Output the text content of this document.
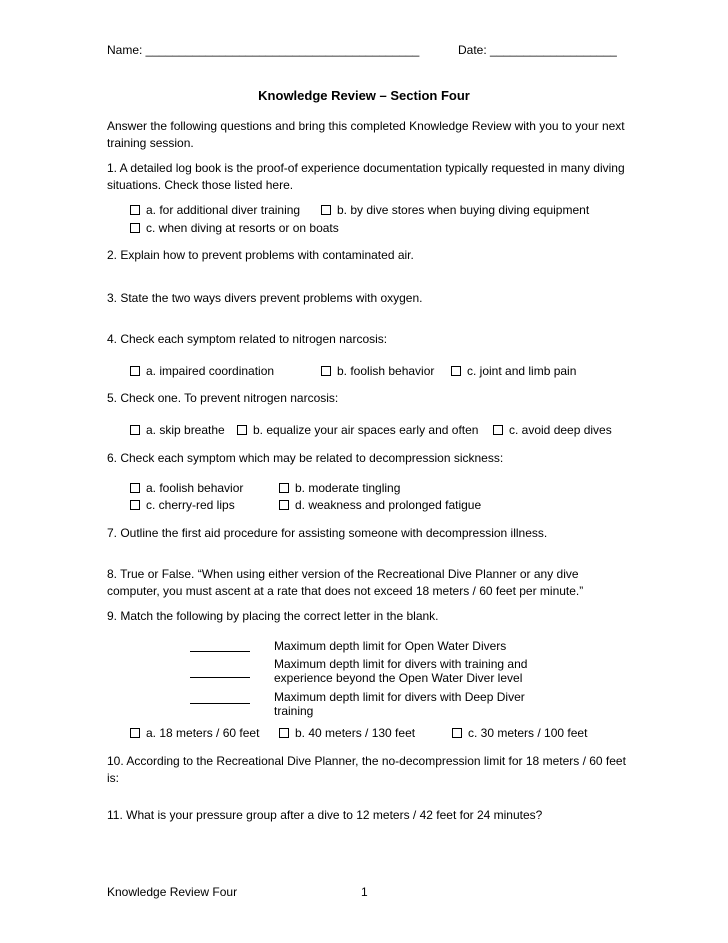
Name: _________________________________________	Date: ___________________
Knowledge Review – Section Four
Answer the following questions and bring this completed Knowledge Review with you to your next training session.
1. A detailed log book is the proof-of experience documentation typically requested in many diving situations. Check those listed here.
a. for additional diver training	b. by dive stores when buying diving equipment
c. when diving at resorts or on boats
2. Explain how to prevent problems with contaminated air.
3. State the two ways divers prevent problems with oxygen.
4. Check each symptom related to nitrogen narcosis:
a. impaired coordination	b. foolish behavior	c. joint and limb pain
5. Check one. To prevent nitrogen narcosis:
a. skip breathe	b. equalize your air spaces early and often	c. avoid deep dives
6. Check each symptom which may be related to decompression sickness:
a. foolish behavior	b. moderate tingling
c. cherry-red lips	d. weakness and prolonged fatigue
7. Outline the first aid procedure for assisting someone with decompression illness.
8. True or False. “When using either version of the Recreational Dive Planner or any dive computer, you must ascent at a rate that does not exceed 18 meters / 60 feet per minute.”
9. Match the following by placing the correct letter in the blank.
Maximum depth limit for Open Water Divers
Maximum depth limit for divers with training and experience beyond the Open Water Diver level
Maximum depth limit for divers with Deep Diver training
a. 18 meters / 60 feet	b. 40 meters / 130 feet	c. 30 meters / 100 feet
10. According to the Recreational Dive Planner, the no-decompression limit for 18 meters / 60 feet is:
11. What is your pressure group after a dive to 12 meters / 42 feet for 24 minutes?
Knowledge Review Four	1
